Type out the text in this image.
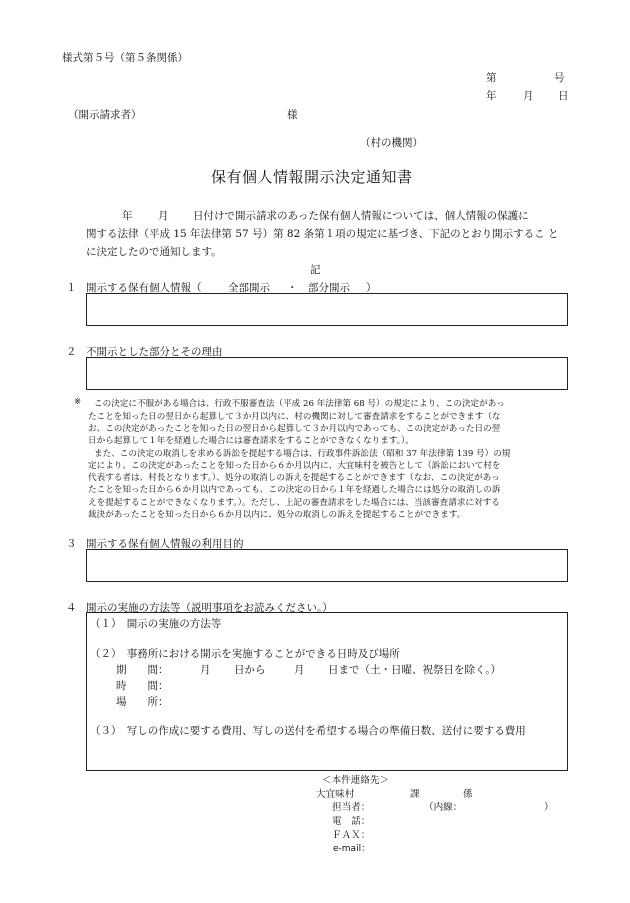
様式第５号（第５条関係）
第	号
年	月 日
（開示請求者）	様
（村の機関）
保有個人情報開示決定通知書
年 月 日付けで開示請求のあった保有個人情報については、個人情報の保護に
関する法律（平成 15 年法律第 57 号）第 82 条第１項の規定に基づき、下記のとおり開示するこ と
に決定したので通知します。
記
１ 開示する保有個人情報（	全部開示 ・ 部分開示 ）
２ 不開示とした部分とその理由
※ この決定に不服がある場合は、行政不服審査法（平成 26 年法律第 68 号）の規定により、この決定があっ
たことを知った日の翌日から起算して３か月以内に、村の機関に対して審査請求をすることができます（な
お、この決定があったことを知った日の翌日から起算して３か月以内であっても、この決定があった日の翌
日から起算して１年を経過した場合には審査請求をすることができなくなります。）。
また、この決定の取消しを求める訴訟を提起する場合は、行政事件訴訟法（昭和 37 年法律第 139 号）の規
定により、この決定があったことを知った日から６か月以内に、大宜味村を被告として（訴訟において村を
代表する者は、村長となります。）、処分の取消しの訴えを提起することができます（なお、この決定があっ
たことを知った日から６か月以内であっても、この決定の日から１年を経過した場合には処分の取消しの訴
えを提起することができなくなります。）。ただし、上記の審査請求をした場合には、当該審査請求に対する
裁決があったことを知った日から６か月以内に、処分の取消しの訴えを提起することができます。
３ 開示する保有個人情報の利用目的
４ 開示の実施の方法等（説明事項をお読みください。）
（１）　開示の実施の方法等
（２）　事務所における開示を実施することができる日時及び場所
期　　間：	月 日から	月 日まで（土・日曜、祝祭日を除く。）
時　　間：
場　　所：
（３）　写しの作成に要する費用、写しの送付を希望する場合の準備日数、送付に要する費用
＜本件連絡先＞
大宜味村	課	係
担当者：	（内線：	）
電　話：
ＦＡＸ：
e-mail：
